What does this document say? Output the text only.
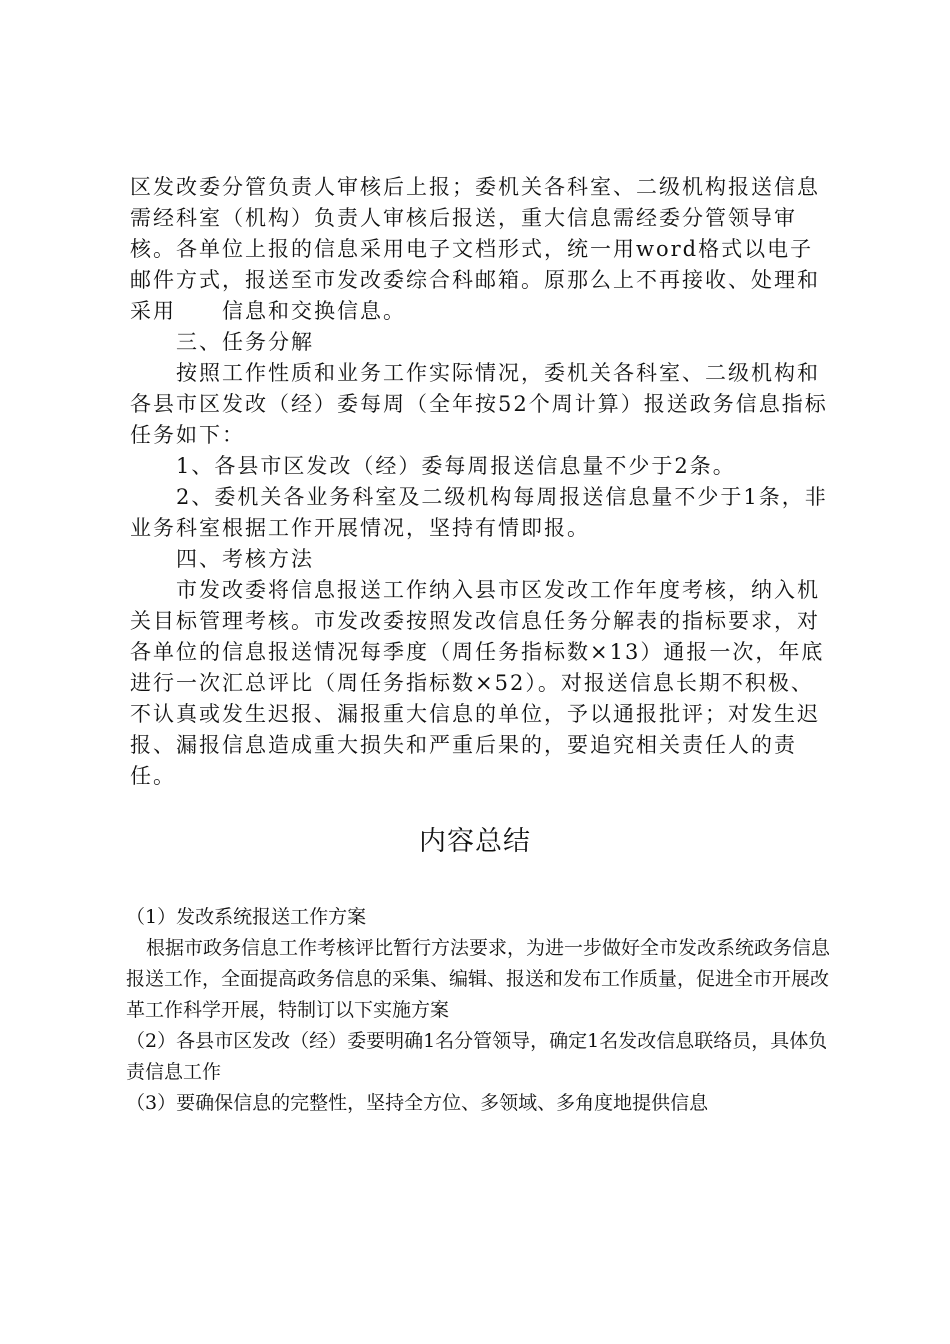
区发改委分管负责人审核后上报；委机关各科室、二级机构报送信息需经科室（机构）负责人审核后报送，重大信息需经委分管领导审核。各单位上报的信息采用电子文档形式，统一用word格式以电子邮件方式，报送至市发改委综合科邮箱。原那么上不再接收、处理和采用　　信息和交换信息。

三、任务分解

按照工作性质和业务工作实际情况，委机关各科室、二级机构和各县市区发改（经）委每周（全年按52个周计算）报送政务信息指标任务如下：

1、各县市区发改（经）委每周报送信息量不少于2条。

2、委机关各业务科室及二级机构每周报送信息量不少于1条，非业务科室根据工作开展情况，坚持有情即报。

四、考核方法

市发改委将信息报送工作纳入县市区发改工作年度考核，纳入机关目标管理考核。市发改委按照发改信息任务分解表的指标要求，对各单位的信息报送情况每季度（周任务指标数×13）通报一次，年底进行一次汇总评比（周任务指标数×52）。对报送信息长期不积极、不认真或发生迟报、漏报重大信息的单位，予以通报批评；对发生迟报、漏报信息造成重大损失和严重后果的，要追究相关责任人的责任。

内容总结

（1）发改系统报送工作方案

根据市政务信息工作考核评比暂行方法要求，为进一步做好全市发改系统政务信息报送工作，全面提高政务信息的采集、编辑、报送和发布工作质量，促进全市开展改革工作科学开展，特制订以下实施方案

（2）各县市区发改（经）委要明确1名分管领导，确定1名发改信息联络员，具体负责信息工作

（3）要确保信息的完整性，坚持全方位、多领域、多角度地提供信息
